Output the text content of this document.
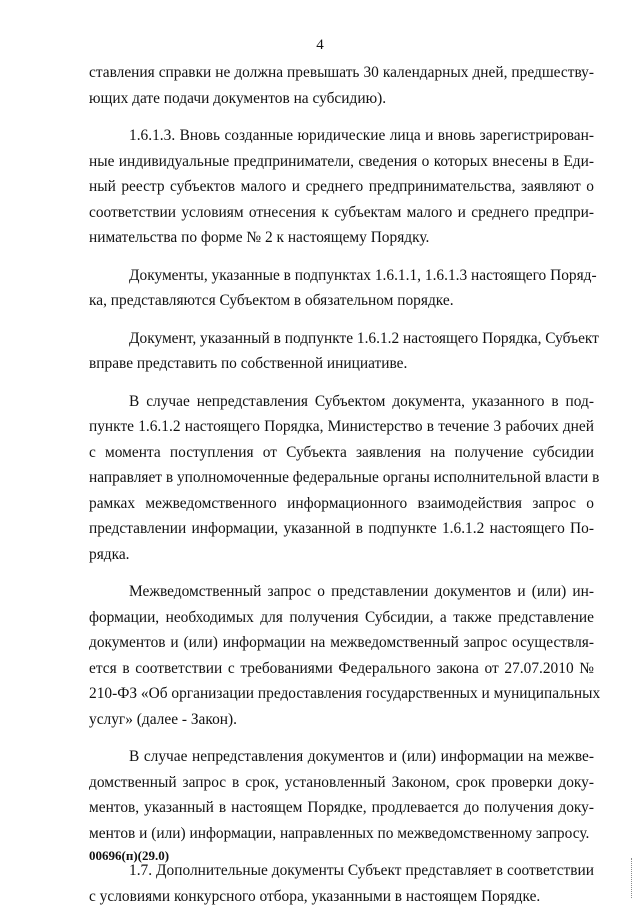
4
ставления справки не должна превышать 30 календарных дней, предшеству-
ющих дате подачи документов на субсидию).
1.6.1.3. Вновь созданные юридические лица и вновь зарегистрирован-
ные индивидуальные предприниматели, сведения о которых внесены в Еди-
ный реестр субъектов малого и среднего предпринимательства, заявляют о
соответствии условиям отнесения к субъектам малого и среднего предпри-
нимательства по форме № 2 к настоящему Порядку.
Документы, указанные в подпунктах 1.6.1.1, 1.6.1.3 настоящего Поряд-
ка, представляются Субъектом в обязательном порядке.
Документ, указанный в подпункте 1.6.1.2 настоящего Порядка, Субъект
вправе представить по собственной инициативе.
В случае непредставления Субъектом документа, указанного в под-
пункте 1.6.1.2 настоящего Порядка, Министерство в течение 3 рабочих дней
с момента поступления от Субъекта заявления на получение субсидии
направляет в уполномоченные федеральные органы исполнительной власти в
рамках межведомственного информационного взаимодействия запрос о
представлении информации, указанной в подпункте 1.6.1.2 настоящего По-
рядка.
Межведомственный запрос о представлении документов и (или) ин-
формации, необходимых для получения Субсидии, а также представление
документов и (или) информации на межведомственный запрос осуществля-
ется в соответствии с требованиями Федерального закона от 27.07.2010 №
210-ФЗ «Об организации предоставления государственных и муниципальных
услуг» (далее - Закон).
В случае непредставления документов и (или) информации на межве-
домственный запрос в срок, установленный Законом, срок проверки доку-
ментов, указанный в настоящем Порядке, продлевается до получения доку-
ментов и (или) информации, направленных по межведомственному запросу.
1.7. Дополнительные документы Субъект представляет в соответствии
с условиями конкурсного отбора, указанными в настоящем Порядке.
00696(п)(29.0)
